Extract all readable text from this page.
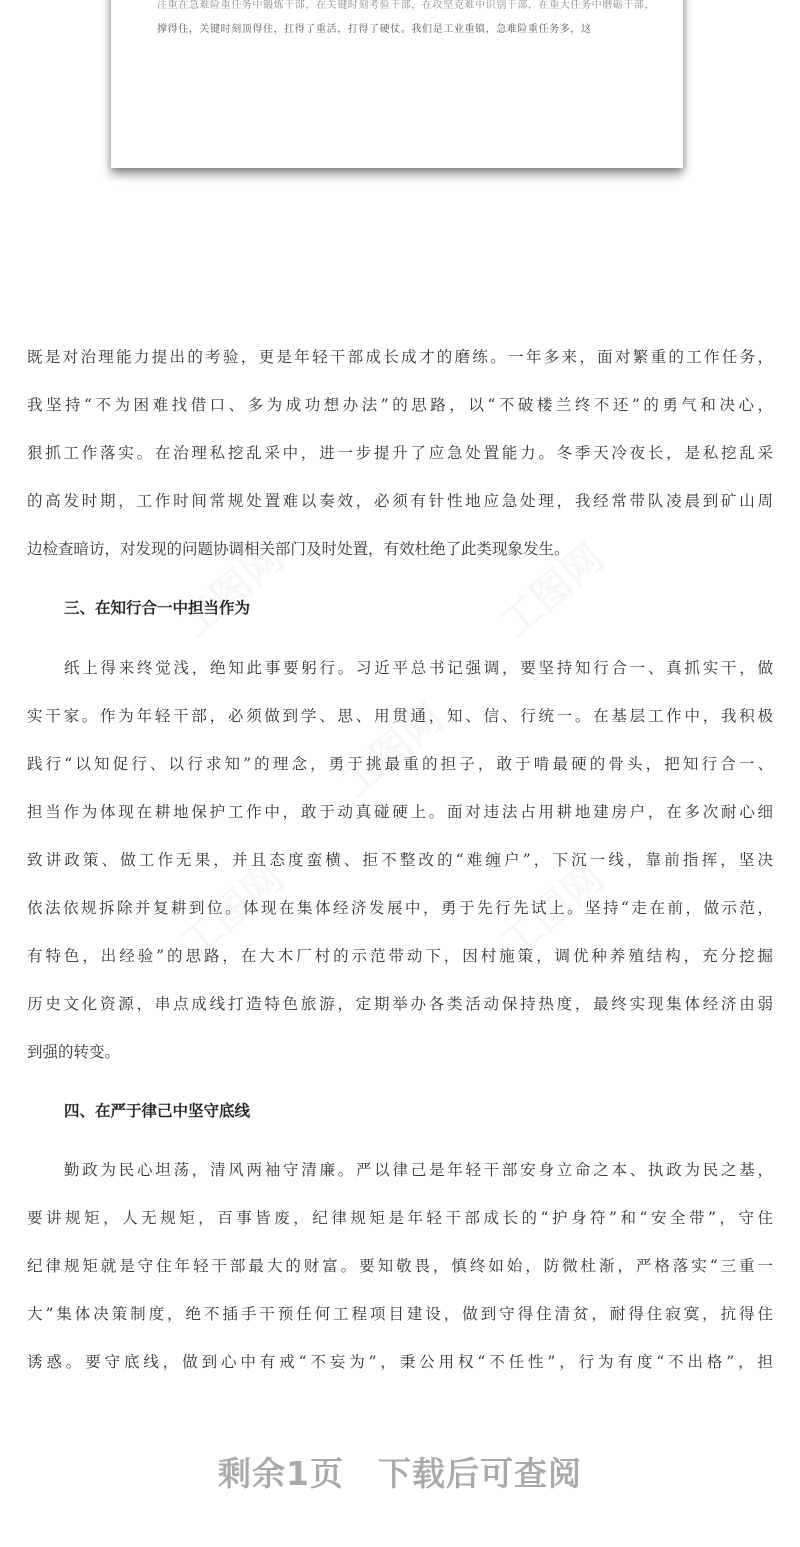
注重在急难险重任务中锻炼干部，在关键时刻考验干部，在攻坚克难中识别干部，在重大任务中磨砺干部，
撑得住，关键时刻顶得住，扛得了重活，打得了硬仗。我们是工业重镇，急难险重任务多，这
既是对治理能力提出的考验，更是年轻干部成长成才的磨练。一年多来，面对繁重的工作任务，
我坚持“不为困难找借口、多为成功想办法”的思路，以“不破楼兰终不还”的勇气和决心，
狠抓工作落实。在治理私挖乱采中，进一步提升了应急处置能力。冬季天冷夜长，是私挖乱采
的高发时期，工作时间常规处置难以奏效，必须有针性地应急处理，我经常带队凌晨到矿山周
边检查暗访，对发现的问题协调相关部门及时处置，有效杜绝了此类现象发生。
三、在知行合一中担当作为
纸上得来终觉浅，绝知此事要躬行。习近平总书记强调，要坚持知行合一、真抓实干，做
实干家。作为年轻干部，必须做到学、思、用贯通，知、信、行统一。在基层工作中，我积极
践行“以知促行、以行求知”的理念，勇于挑最重的担子，敢于啃最硬的骨头，把知行合一、
担当作为体现在耕地保护工作中，敢于动真碰硬上。面对违法占用耕地建房户，在多次耐心细
致讲政策、做工作无果，并且态度蛮横、拒不整改的“难缠户”，下沉一线，靠前指挥，坚决
依法依规拆除并复耕到位。体现在集体经济发展中，勇于先行先试上。坚持“走在前，做示范，
有特色，出经验”的思路，在大木厂村的示范带动下，因村施策，调优种养殖结构，充分挖掘
历史文化资源，串点成线打造特色旅游，定期举办各类活动保持热度，最终实现集体经济由弱
到强的转变。
四、在严于律己中坚守底线
勤政为民心坦荡，清风两袖守清廉。严以律己是年轻干部安身立命之本、执政为民之基，
要讲规矩，人无规矩，百事皆废，纪律规矩是年轻干部成长的“护身符”和“安全带”，守住
纪律规矩就是守住年轻干部最大的财富。要知敬畏，慎终如始，防微杜渐，严格落实“三重一
大”集体决策制度，绝不插手干预任何工程项目建设，做到守得住清贫，耐得住寂寞，抗得住
诱惑。要守底线，做到心中有戒“不妄为”，秉公用权“不任性”，行为有度“不出格”，担
剩余1页 下载后可查阅
